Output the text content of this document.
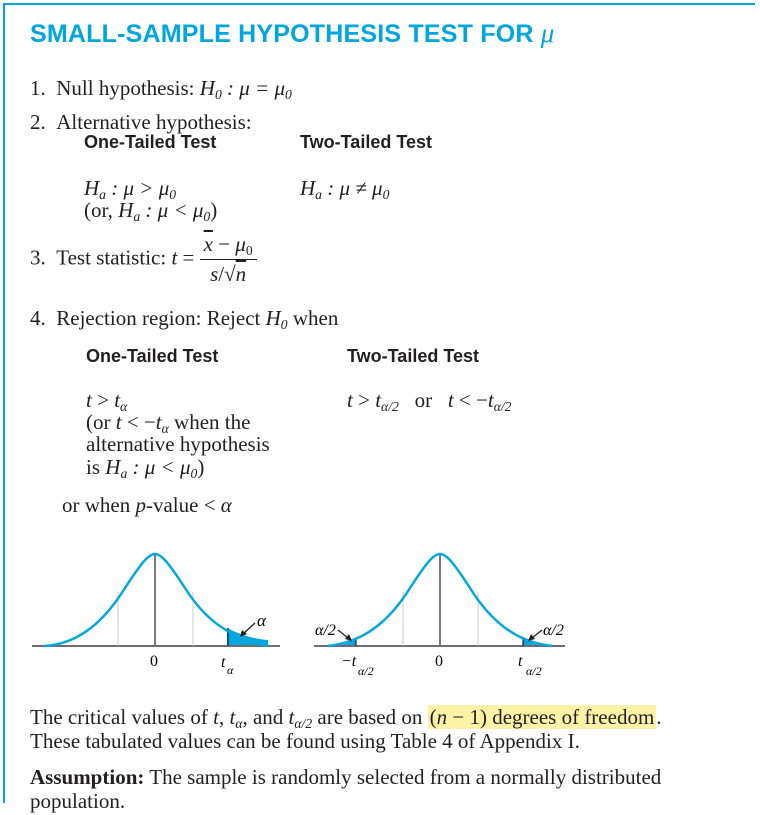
SMALL-SAMPLE HYPOTHESIS TEST FOR μ
1. Null hypothesis: $H_0$ : $\mu = \mu_0$
2. Alternative hypothesis:
One-Tailed Test	Two-Tailed Test
$H_a$ : $\mu > \mu_0$
(or, $H_a$ : $\mu < \mu_0$)
$H_a$ : $\mu \ne \mu_0$
3. Test statistic: $t = \frac{\overline{x} - \mu_0}{s/√n}$
4. Rejection region: Reject $H_0$ when
One-Tailed Test	Two-Tailed Test
$t > t_\alpha$
(or $t < -t_\alpha$ when the
alternative hypothesis
is $H_a$ : $\mu < \mu_0$)
$t > t_{\alpha/2}$   or   $t < -t_{\alpha/2}$
or when p-value < α
α
0	t α
α/2	α/2
0
−t
α/2
t
α/2
The critical values of t, $t_\alpha$, and $t_{\alpha/2}$ are based on (n − 1) degrees of freedom.
These tabulated values can be found using Table 4 of Appendix I.
Assumption: The sample is randomly selected from a normally distributed
population.
